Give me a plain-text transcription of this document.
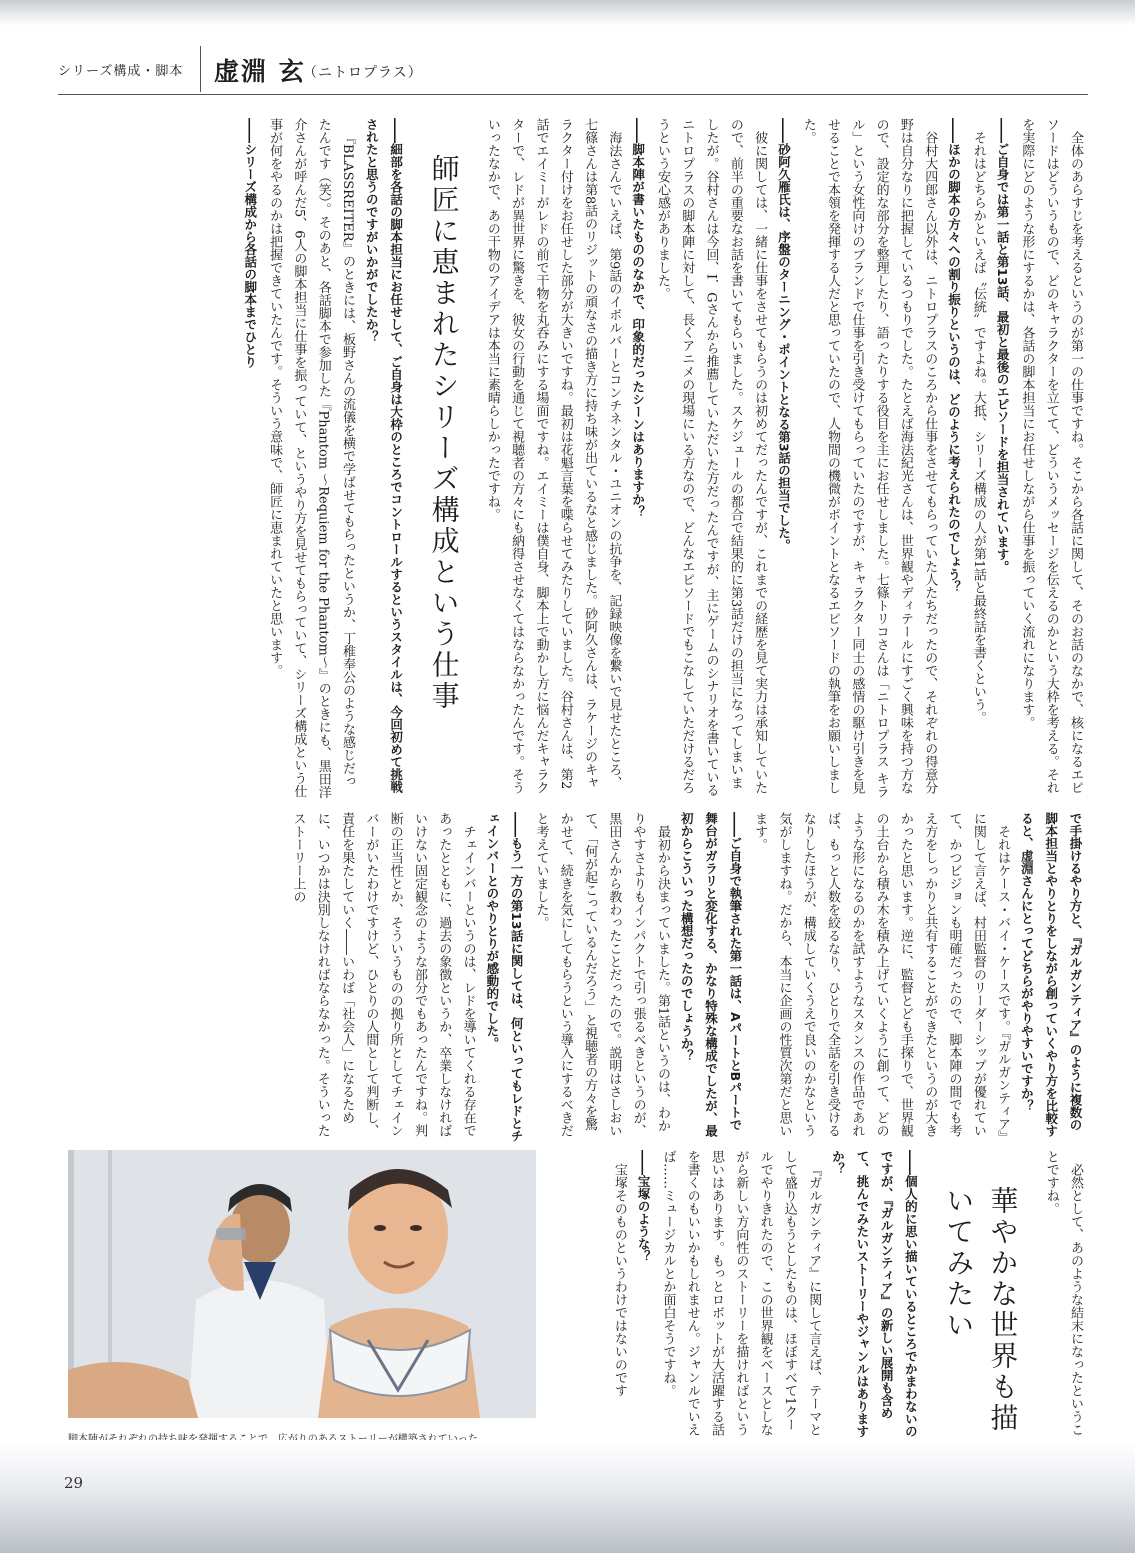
シリーズ構成・脚本 虚淵 玄
（ニトロプラス）

全体のあらすじを考えるというのが第一の仕事ですね。そこから各話に関して、そのお話のなかで、核になるエピソードはどういうもので、どのキャラクターを立てて、どういうメッセージを伝えるのかという大枠を考える。それを実際にどのような形にするかは、各話の脚本担当にお任せしながら仕事を振っていく流れになります。

――ご自身では第一話と第13話、最初と最後のエピソードを担当されています。

それはどちらかといえば〝伝統〟ですよね。大抵、シリーズ構成の人が第1話と最終話を書くという。

――ほかの脚本の方々への割り振りというのは、どのように考えられたのでしょう？

谷村大四郎さん以外は、ニトロプラスのころから仕事をさせてもらっていた人たちだったので、それぞれの得意分野は自分なりに把握しているつもりでした。たとえば海法紀光さんは、世界観やディテールにすごく興味を持つ方なので、設定的な部分を整理したり、語ったりする役目を主にお任せしました。七篠トリコさんは「ニトロプラス キラル」という女性向けのブランドで仕事を引き受けてもらっていたのですが、キャラクター同士の感情の駆け引きを見せることで本領を発揮する人だと思っていたので、人物間の機微がポイントとなるエピソードの執筆をお願いしました。

――砂阿久雁氏は、序盤のターニング・ポイントとなる第3話の担当でした。

彼に関しては、一緒に仕事をさせてもらうのは初めてだったんですが、これまでの経歴を見て実力は承知していたので、前半の重要なお話を書いてもらいました。スケジュールの都合で結果的に第3話だけの担当になってしまいましたが。谷村さんは今回、I．Gさんから推薦していただいた方だったんですが、主にゲームのシナリオを書いているニトロプラスの脚本陣に対して、長くアニメの現場にいる方なので、どんなエピソードでもこなしていただけるだろうという安心感がありました。

――脚本陣が書いたもののなかで、印象的だったシーンはありますか？

海法さんでいえば、第9話のイボルバーとコンチネンタル・ユニオンの抗争を、記録映像を繋いで見せたところ、七篠さんは第8話のリジットの頑なさの描き方に持ち味が出ているなと感じました。砂阿久さんは、ラケージのキャラクター付けをお任せした部分が大きいですね。最初は花魁言葉を喋らせてみたりしていました。谷村さんは、第2話でエイミーがレドの前で干物を丸呑みにする場面ですね。エイミーは僕自身、脚本上で動かし方に悩んだキャラクターで、レドが異世界に驚きを、彼女の行動を通じて視聴者の方々にも納得させなくてはならなかったんです。そういったなかで、あの干物のアイデアは本当に素晴らしかったですね。

師匠に恵まれたシリーズ構成という仕事

――細部を各話の脚本担当にお任せして、ご自身は大枠のところでコントロールするというスタイルは、今回初めて挑戦されたと思うのですがいかがでしたか？

『BLASSREITER』のときには、板野さんの流儀を横で学ばせてもらったというか、丁稚奉公のような感じだったんです（笑）。そのあと、各話脚本で参加した『Phantom ～Requiem for the Phantom～』のときにも、黒田洋介さんが呼んだ5、6人の脚本担当に仕事を振っていて、というやり方を見せてもらっていて、シリーズ構成という仕事が何をやるのかは把握できていたんです。そういう意味で、師匠に恵まれていたと思います。

――シリーズ構成から各話の脚本までひとり

で手掛けるやり方と、『ガルガンティア』のように複数の脚本担当とやりとりをしながら創っていくやり方を比較すると、虚淵さんにとってどちらがやりやすいですか？

それはケース・バイ・ケースです。『ガルガンティア』に関して言えば、村田監督のリーダーシップが優れていて、かつビジョンも明確だったので、脚本陣の間でも考え方をしっかりと共有することができたというのが大きかったと思います。逆に、監督とども手探りで、世界観の土台から積み木を積み上げていくように創って、どのような形になるのかを試すようなスタンスの作品であれば、もっと人数を絞るなり、ひとりで全話を引き受けるなりしたほうが、構成していくうえで良いのかなという気がしますね。だから、本当に企画の性質次第だと思います。

――ご自身で執筆された第一話は、AパートとBパートで舞台がガラリと変化する、かなり特殊な構成でしたが、最初からこういった構想だったのでしょうか？

最初から決まっていました。第1話というのは、わかりやすさよりもインパクトで引っ張るべきというのが、黒田さんから教わったことだったので。説明はさしおいて、「何が起こっているんだろう」と視聴者の方々を驚かせて、続きを気にしてもらうという導入にするべきだと考えていました。

――もう一方の第13話に関しては、何といってもレドとチェインバーとのやりとりが感動的でした。

チェインバーというのは、レドを導いてくれる存在であったとともに、過去の象徴というか、卒業しなければいけない固定観念のような部分でもあったんですね。判断の正当性とか、そういうものの拠り所としてチェインバーがいたわけですけど、ひとりの人間として判断し、責任を果たしていく――いわば「社会人」になるために、いつかは決別しなければならなかった。そういったストーリー上の

必然として、あのような結末になったということですね。

華やかな世界も描いてみたい

――個人的に思い描いているところでかまわないのですが、『ガルガンティア』の新しい展開も含めて、挑んでみたいストーリーやジャンルはありますか？

『ガルガンティア』に関して言えば、テーマとして盛り込もうとしたものは、ほぼすべて1クールでやりきれたので、この世界観をベースとしながら新しい方向性のストーリーを描ければという思いはあります。もっとロボットが大活躍する話を書くのもいいかもしれません。ジャンルでいえば……ミュージカルとか面白そうですね。

――宝塚のような？

宝塚そのものというわけではないのです

29
